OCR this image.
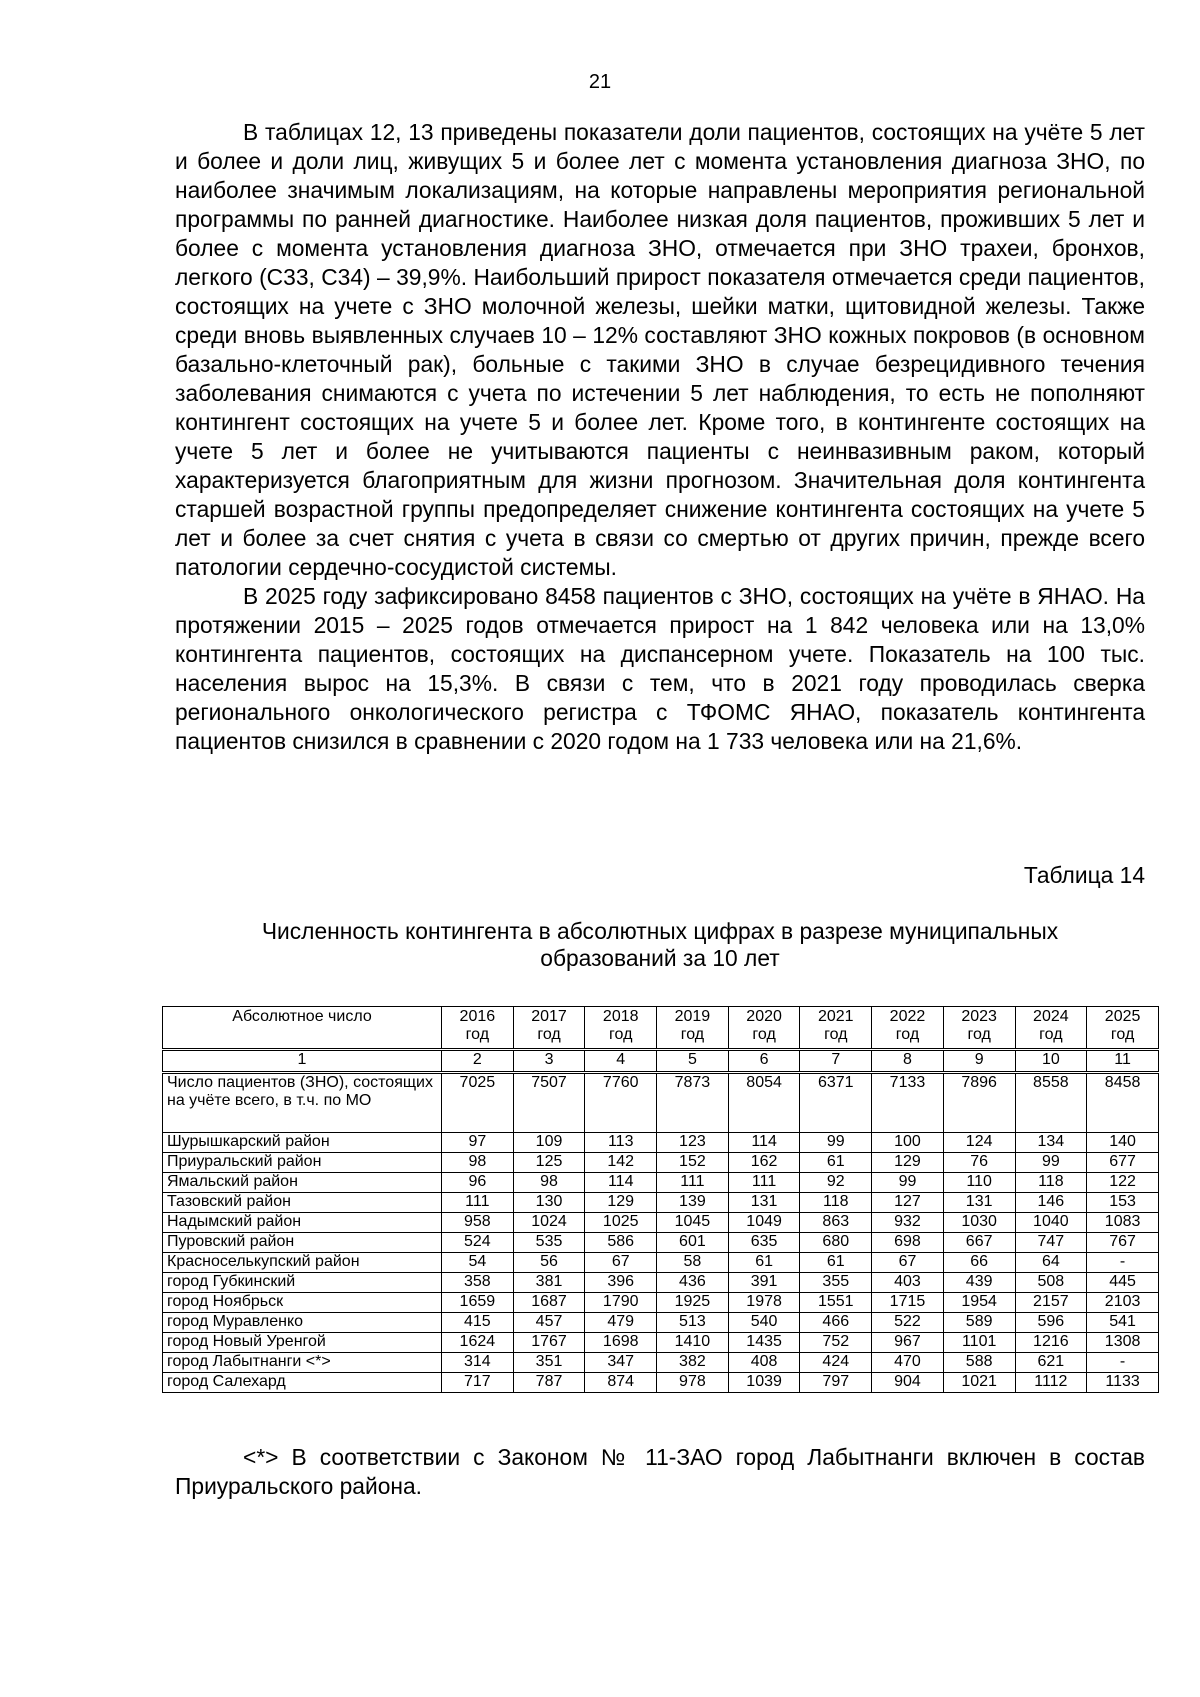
21

В таблицах 12, 13 приведены показатели доли пациентов, состоящих на учёте 5 лет и более и доли лиц, живущих 5 и более лет с момента установления диагноза ЗНО, по наиболее значимым локализациям, на которые направлены мероприятия региональной программы по ранней диагностике. Наиболее низкая доля пациентов, проживших 5 лет и более с момента установления диагноза ЗНО, отмечается при ЗНО трахеи, бронхов, легкого (С33, С34) – 39,9%. Наибольший прирост показателя отмечается среди пациентов, состоящих на учете с ЗНО молочной железы, шейки матки, щитовидной железы. Также среди вновь выявленных случаев 10 – 12% составляют ЗНО кожных покровов (в основном базально-клеточный рак), больные с такими ЗНО в случае безрецидивного течения заболевания снимаются с учета по истечении 5 лет наблюдения, то есть не пополняют контингент состоящих на учете 5 и более лет. Кроме того, в контингенте состоящих на учете 5 лет и более не учитываются пациенты с неинвазивным раком, который характеризуется благоприятным для жизни прогнозом. Значительная доля контингента старшей возрастной группы предопределяет снижение контингента состоящих на учете 5 лет и более за счет снятия с учета в связи со смертью от других причин, прежде всего патологии сердечно-сосудистой системы.

В 2025 году зафиксировано 8458 пациентов с ЗНО, состоящих на учёте в ЯНАО. На протяжении 2015 – 2025 годов отмечается прирост на 1 842 человека или на 13,0% контингента пациентов, состоящих на диспансерном учете. Показатель на 100 тыс. населения вырос на 15,3%. В связи с тем, что в 2021 году проводилась сверка регионального онкологического регистра с ТФОМС ЯНАО, показатель контингента пациентов снизился в сравнении с 2020 годом на 1 733 человека или на 21,6%.

Таблица 14
Численность контингента в абсолютных цифрах в разрезе муниципальных образований за 10 лет
Абсолютное число	2016 год	2017 год	2018 год	2019 год	2020 год	2021 год	2022 год	2023 год	2024 год	2025 год
1	2	3	4	5	6	7	8	9	10	11
Число пациентов (ЗНО), состоящих на учёте всего, в т.ч. по МО	7025	7507	7760	7873	8054	6371	7133	7896	8558	8458
Шурышкарский район	97	109	113	123	114	99	100	124	134	140
Приуральский район	98	125	142	152	162	61	129	76	99	677
Ямальский район	96	98	114	111	111	92	99	110	118	122
Тазовский район	111	130	129	139	131	118	127	131	146	153
Надымский район	958	1024	1025	1045	1049	863	932	1030	1040	1083
Пуровский район	524	535	586	601	635	680	698	667	747	767
Красноселькупский район	54	56	67	58	61	61	67	66	64	-
город Губкинский	358	381	396	436	391	355	403	439	508	445
город Ноябрьск	1659	1687	1790	1925	1978	1551	1715	1954	2157	2103
город Муравленко	415	457	479	513	540	466	522	589	596	541
город Новый Уренгой	1624	1767	1698	1410	1435	752	967	1101	1216	1308
город Лабытнанги <*>	314	351	347	382	408	424	470	588	621	-
город Салехард	717	787	874	978	1039	797	904	1021	1112	1133

<*> В соответствии с Законом № 11-ЗАО город Лабытнанги включен в состав Приуральского района.
